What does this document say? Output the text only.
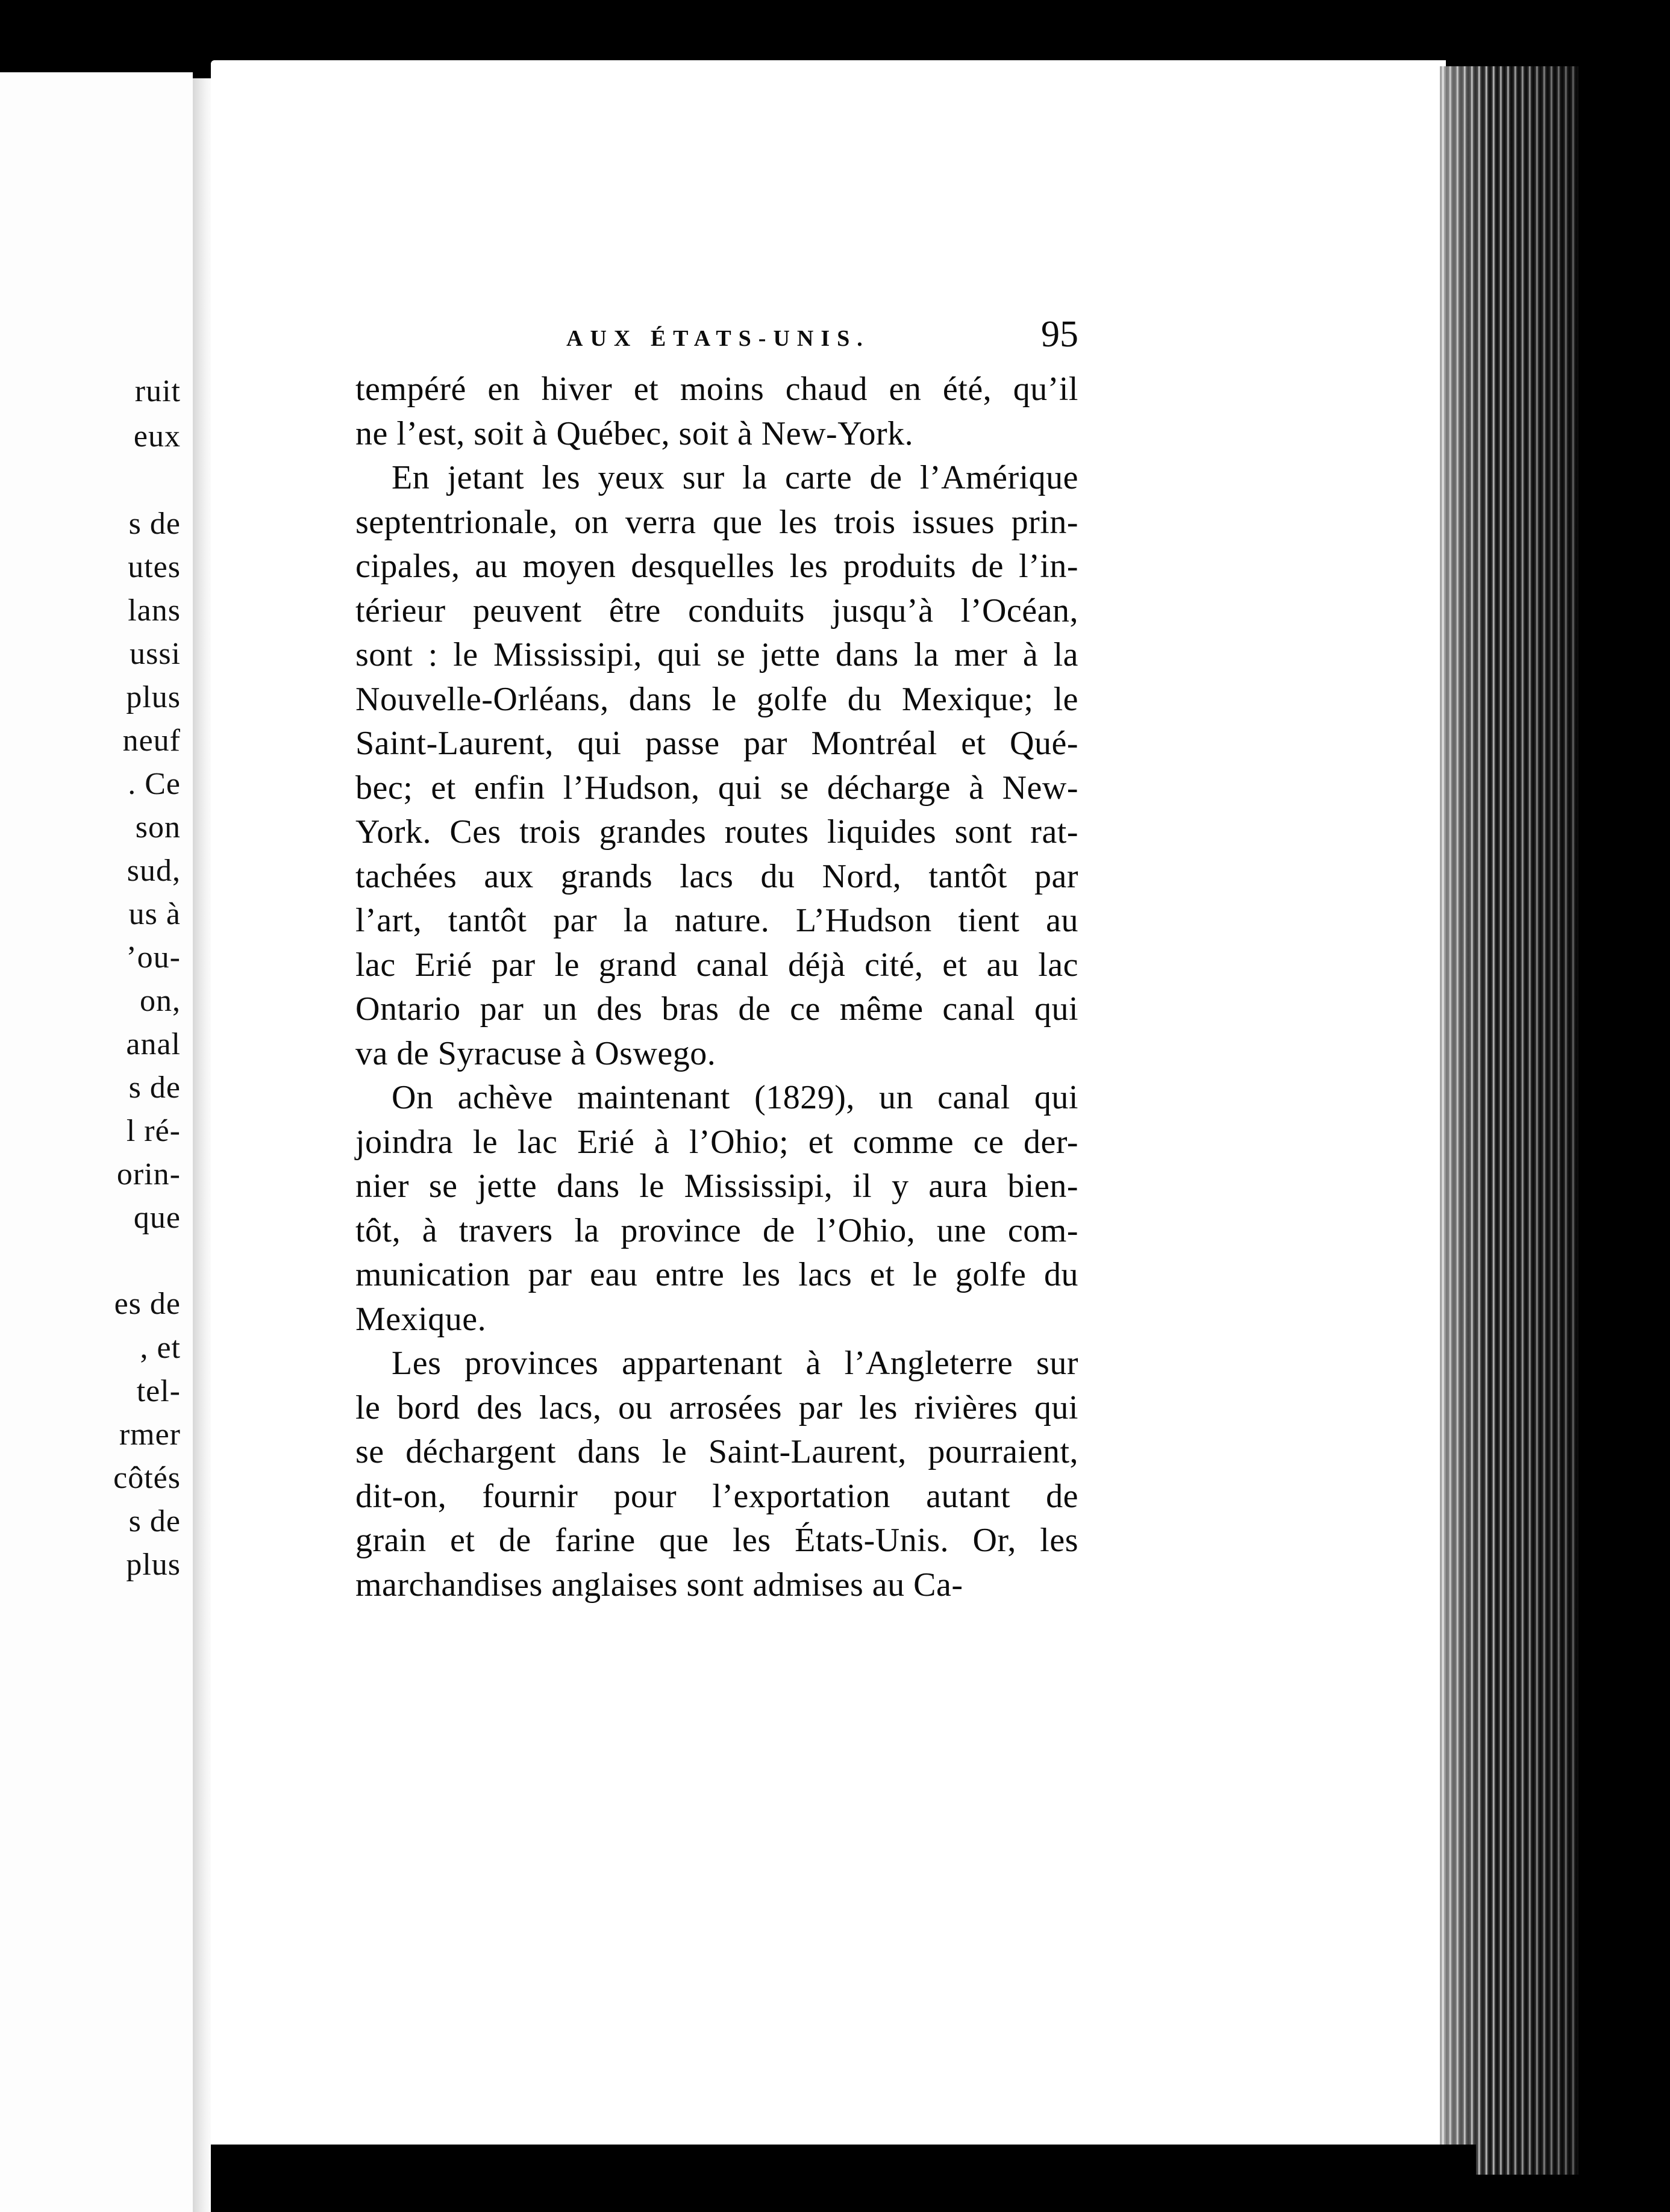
ruit
eux
s de
utes
lans
ussi
plus
neuf
. Ce
son
sud,
us à
’ou-
on,
anal
s de
l ré-
orin-
que
es de
, et
tel-
rmer
côtés
s de
plus
AUX ÉTATS-UNIS.	95
tempéré en hiver et moins chaud en été, qu’il
ne l’est, soit à Québec, soit à New-York.
En jetant les yeux sur la carte de l’Amérique
septentrionale, on verra que les trois issues prin-
cipales, au moyen desquelles les produits de l’in-
térieur peuvent être conduits jusqu’à l’Océan,
sont : le Mississipi, qui se jette dans la mer à la
Nouvelle-Orléans, dans le golfe du Mexique; le
Saint-Laurent, qui passe par Montréal et Qué-
bec; et enfin l’Hudson, qui se décharge à New-
York. Ces trois grandes routes liquides sont rat-
tachées aux grands lacs du Nord, tantôt par
l’art, tantôt par la nature. L’Hudson tient au
lac Erié par le grand canal déjà cité, et au lac
Ontario par un des bras de ce même canal qui
va de Syracuse à Oswego.
On achève maintenant (1829), un canal qui
joindra le lac Erié à l’Ohio; et comme ce der-
nier se jette dans le Mississipi, il y aura bien-
tôt, à travers la province de l’Ohio, une com-
munication par eau entre les lacs et le golfe du
Mexique.
Les provinces appartenant à l’Angleterre sur
le bord des lacs, ou arrosées par les rivières qui
se déchargent dans le Saint-Laurent, pourraient,
dit-on, fournir pour l’exportation autant de
grain et de farine que les États-Unis. Or, les
marchandises anglaises sont admises au Ca-
